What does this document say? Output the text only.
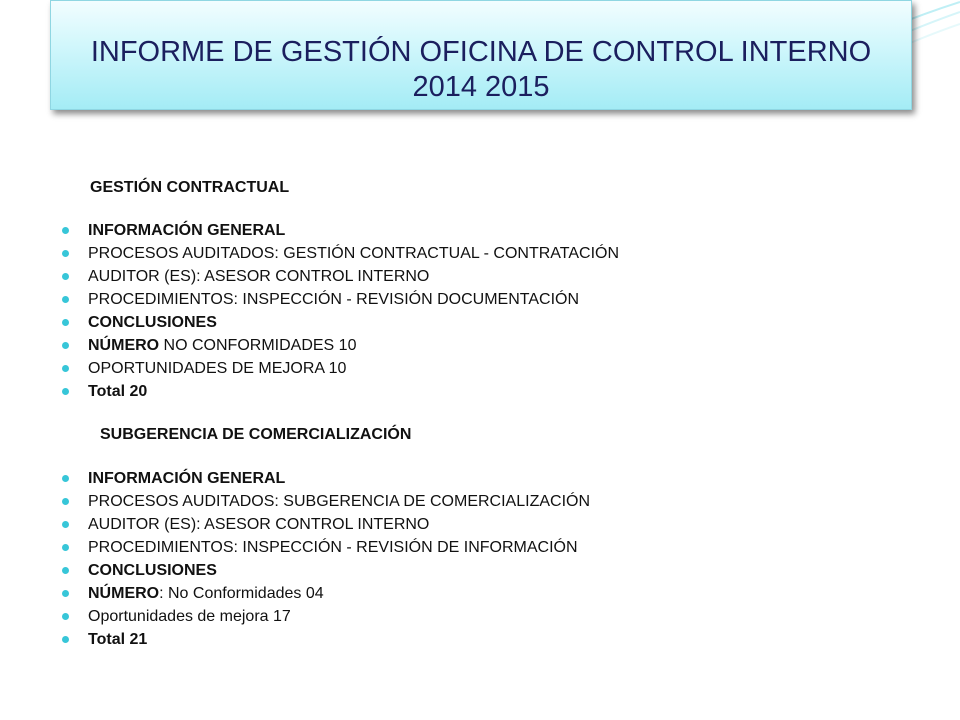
INFORME DE GESTIÓN OFICINA DE CONTROL INTERNO
2014 2015

GESTIÓN CONTRACTUAL

INFORMACIÓN GENERAL
PROCESOS AUDITADOS: GESTIÓN CONTRACTUAL - CONTRATACIÓN
AUDITOR (ES): ASESOR CONTROL INTERNO
PROCEDIMIENTOS: INSPECCIÓN - REVISIÓN DOCUMENTACIÓN
CONCLUSIONES
NÚMERO NO CONFORMIDADES 10
OPORTUNIDADES DE MEJORA 10
Total 20

SUBGERENCIA DE COMERCIALIZACIÓN

INFORMACIÓN GENERAL
PROCESOS AUDITADOS: SUBGERENCIA DE COMERCIALIZACIÓN
AUDITOR (ES): ASESOR CONTROL INTERNO
PROCEDIMIENTOS: INSPECCIÓN - REVISIÓN DE INFORMACIÓN
CONCLUSIONES
NÚMERO: No Conformidades 04
Oportunidades de mejora 17
Total 21
